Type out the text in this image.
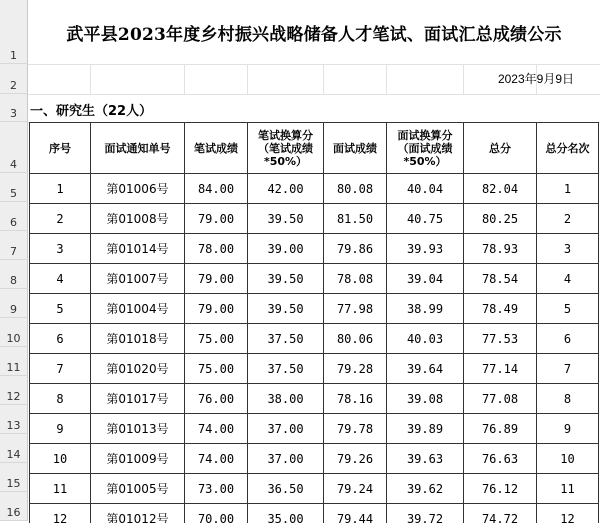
1
2
3
4
5
6
7
8
9
10
11
12
13
14
15
16
武平县2023年度乡村振兴战略储备人才笔试、面试汇总成绩公示
2023年9月9日
一、研究生（22人）
序号	面试通知单号	笔试成绩	笔试换算分（笔试成绩*50%）	面试成绩	面试换算分（面试成绩*50%）	总分	总分名次
1	第01006号	84.00	42.00	80.08	40.04	82.04	1
2	第01008号	79.00	39.50	81.50	40.75	80.25	2
3	第01014号	78.00	39.00	79.86	39.93	78.93	3
4	第01007号	79.00	39.50	78.08	39.04	78.54	4
5	第01004号	79.00	39.50	77.98	38.99	78.49	5
6	第01018号	75.00	37.50	80.06	40.03	77.53	6
7	第01020号	75.00	37.50	79.28	39.64	77.14	7
8	第01017号	76.00	38.00	78.16	39.08	77.08	8
9	第01013号	74.00	37.00	79.78	39.89	76.89	9
10	第01009号	74.00	37.00	79.26	39.63	76.63	10
11	第01005号	73.00	36.50	79.24	39.62	76.12	11
12	第01012号	70.00	35.00	79.44	39.72	74.72	12
